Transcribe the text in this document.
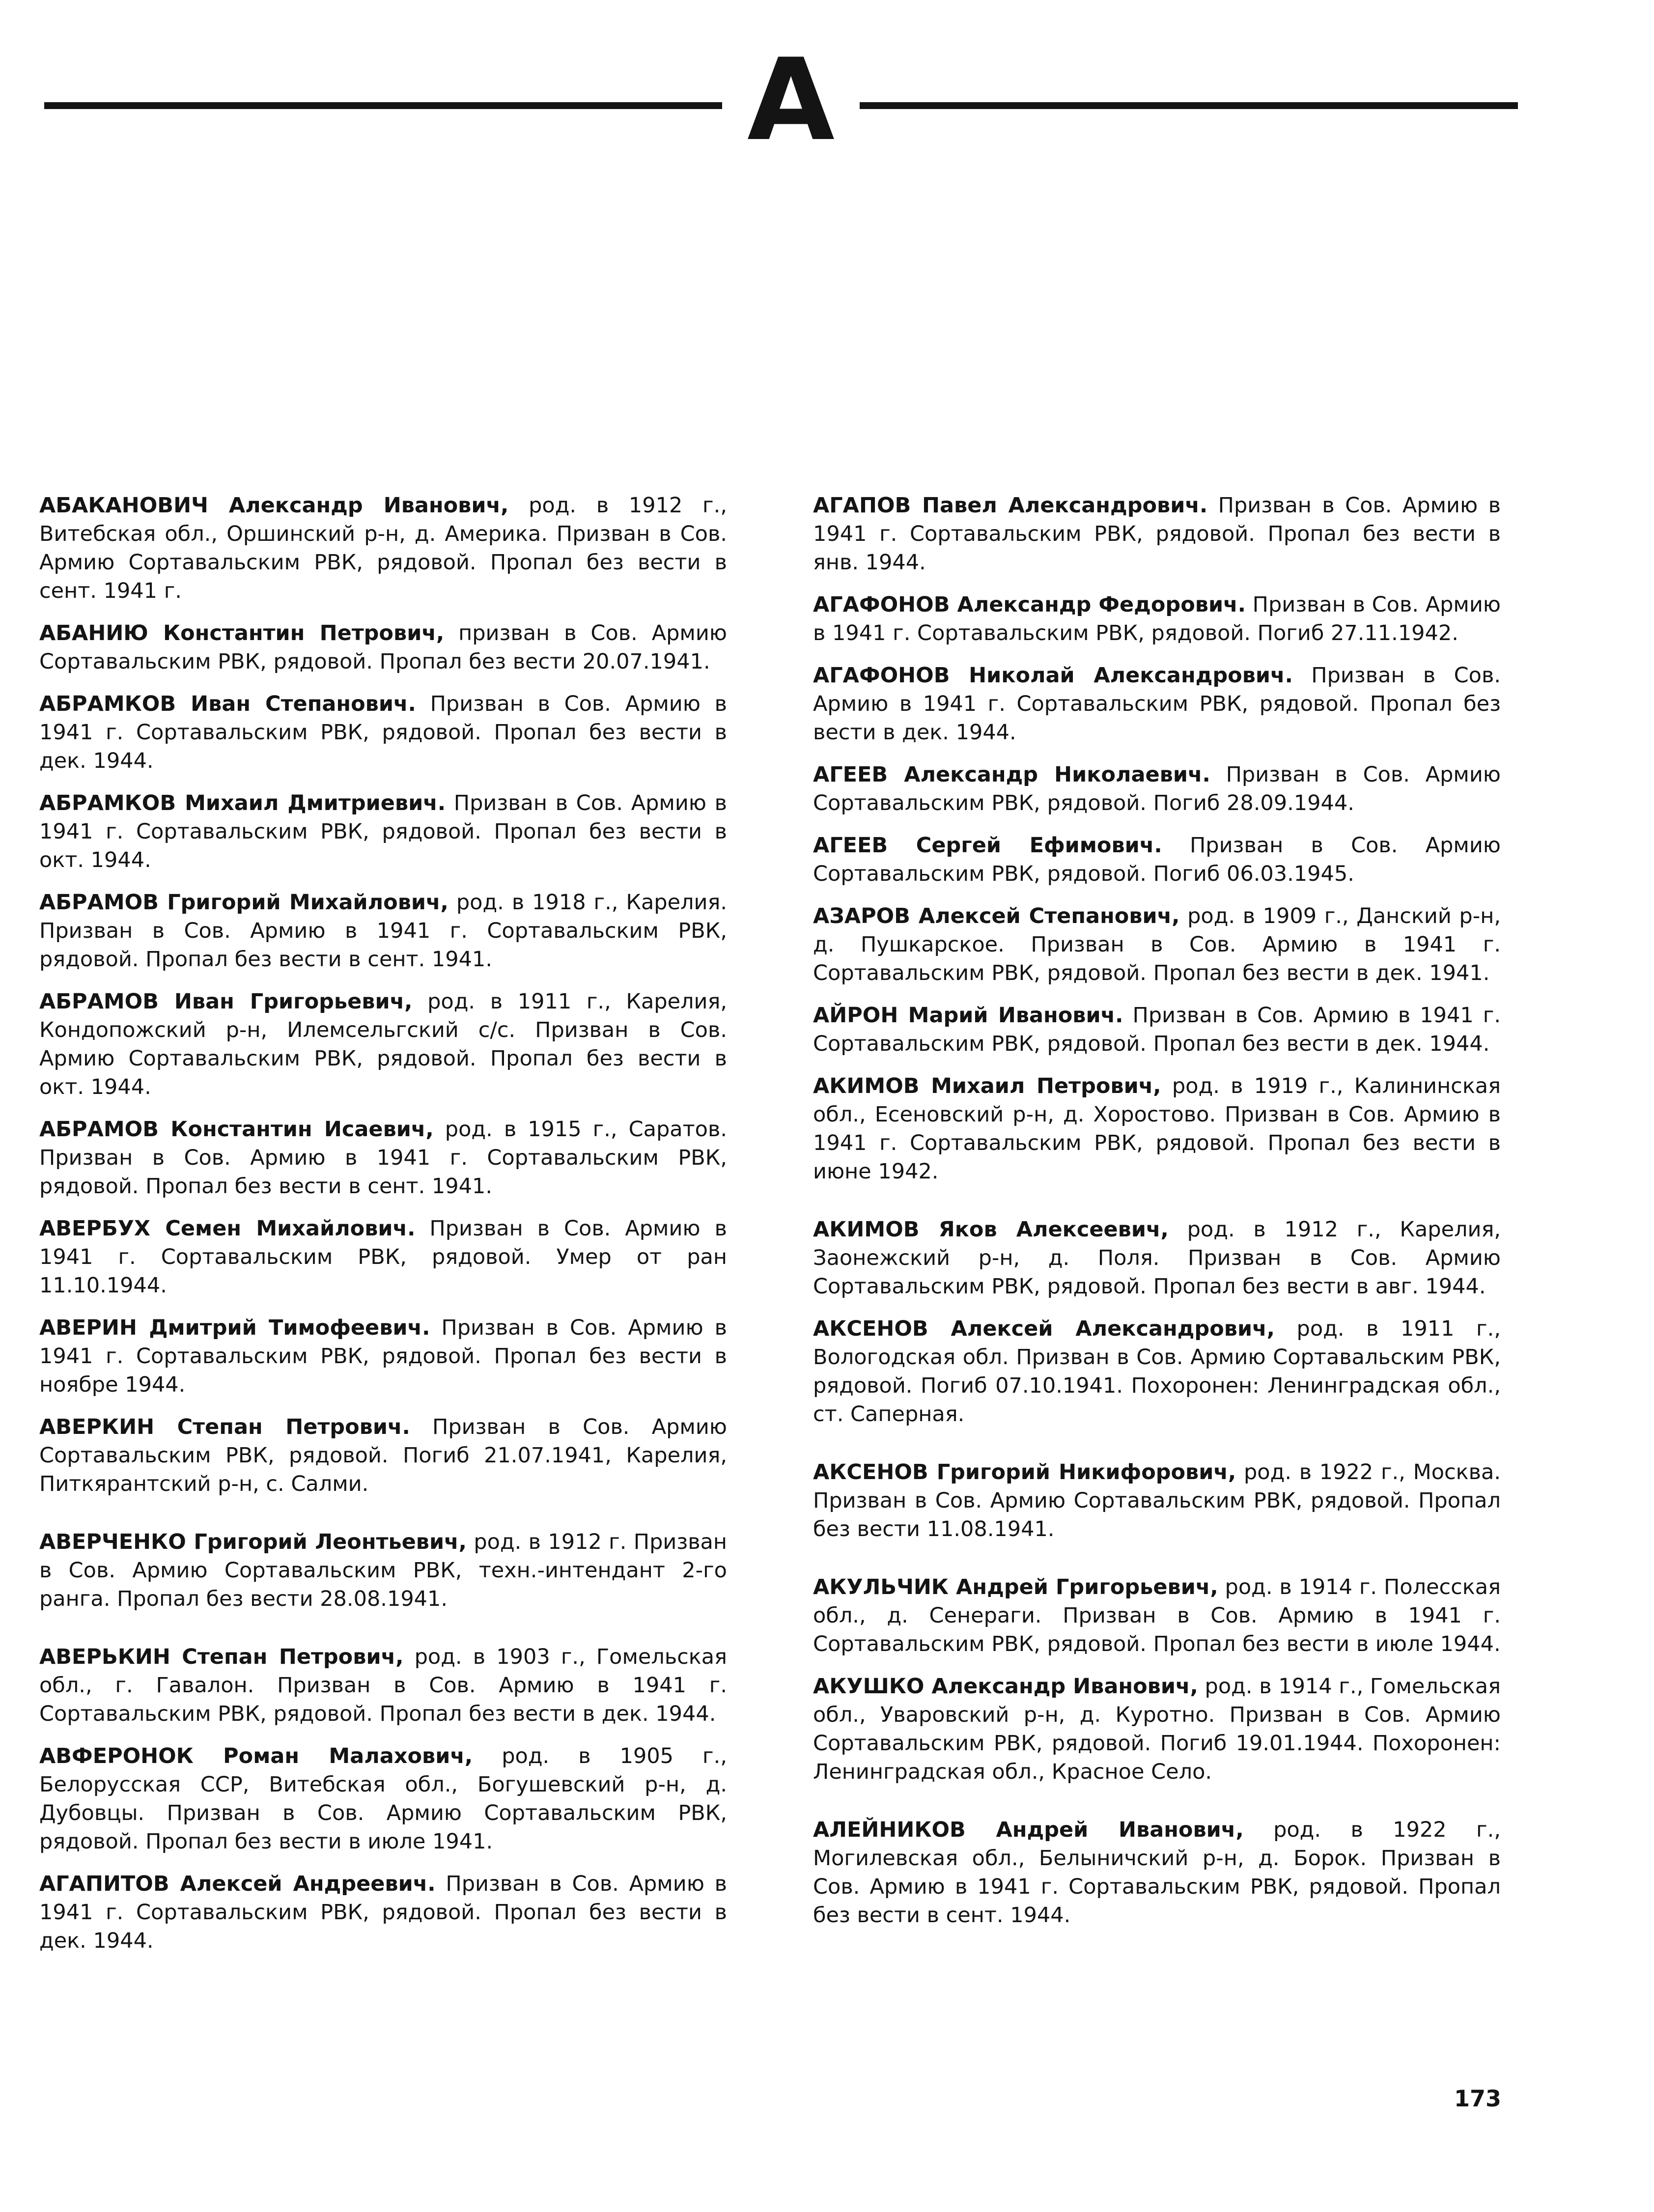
А

АБАКАНОВИЧ Александр Иванович, род. в 1912 г., Витебская обл., Оршинский р-н, д. Америка. Призван в Сов. Армию Сортавальским РВК, рядовой. Пропал без вести в сент. 1941 г.

АБАНИЮ Константин Петрович, призван в Сов. Армию Сортавальским РВК, рядовой. Пропал без вести 20.07.1941.

АБРАМКОВ Иван Степанович. Призван в Сов. Армию в 1941 г. Сортавальским РВК, рядовой. Пропал без вести в дек. 1944.

АБРАМКОВ Михаил Дмитриевич. Призван в Сов. Армию в 1941 г. Сортавальским РВК, рядовой. Пропал без вести в окт. 1944.

АБРАМОВ Григорий Михайлович, род. в 1918 г., Карелия. Призван в Сов. Армию в 1941 г. Сортавальским РВК, рядовой. Пропал без вести в сент. 1941.

АБРАМОВ Иван Григорьевич, род. в 1911 г., Карелия, Кондопожский р-н, Илемсельгский с/с. Призван в Сов. Армию Сортавальским РВК, рядовой. Пропал без вести в окт. 1944.

АБРАМОВ Константин Исаевич, род. в 1915 г., Саратов. Призван в Сов. Армию в 1941 г. Сортавальским РВК, рядовой. Пропал без вести в сент. 1941.

АВЕРБУХ Семен Михайлович. Призван в Сов. Армию в 1941 г. Сортавальским РВК, рядовой. Умер от ран 11.10.1944.

АВЕРИН Дмитрий Тимофеевич. Призван в Сов. Армию в 1941 г. Сортавальским РВК, рядовой. Пропал без вести в ноябре 1944.

АВЕРКИН Степан Петрович. Призван в Сов. Армию Сортавальским РВК, рядовой. Погиб 21.07.1941, Карелия, Питкярантский р-н, с. Салми.

АВЕРЧЕНКО Григорий Леонтьевич, род. в 1912 г. Призван в Сов. Армию Сортавальским РВК, техн.-интендант 2-го ранга. Пропал без вести 28.08.1941.

АВЕРЬКИН Степан Петрович, род. в 1903 г., Гомельская обл., г. Гавалон. Призван в Сов. Армию в 1941 г. Сортавальским РВК, рядовой. Пропал без вести в дек. 1944.

АВФЕРОНОК Роман Малахович, род. в 1905 г., Белорусская ССР, Витебская обл., Богушевский р-н, д. Дубовцы. Призван в Сов. Армию Сортавальским РВК, рядовой. Пропал без вести в июле 1941.

АГАПИТОВ Алексей Андреевич. Призван в Сов. Армию в 1941 г. Сортавальским РВК, рядовой. Пропал без вести в дек. 1944.

АГАПОВ Павел Александрович. Призван в Сов. Армию в 1941 г. Сортавальским РВК, рядовой. Пропал без вести в янв. 1944.

АГАФОНОВ Александр Федорович. Призван в Сов. Армию в 1941 г. Сортавальским РВК, рядовой. Погиб 27.11.1942.

АГАФОНОВ Николай Александрович. Призван в Сов. Армию в 1941 г. Сортавальским РВК, рядовой. Пропал без вести в дек. 1944.

АГЕЕВ Александр Николаевич. Призван в Сов. Армию Сортавальским РВК, рядовой. Погиб 28.09.1944.

АГЕЕВ Сергей Ефимович. Призван в Сов. Армию Сортавальским РВК, рядовой. Погиб 06.03.1945.

АЗАРОВ Алексей Степанович, род. в 1909 г., Данский р-н, д. Пушкарское. Призван в Сов. Армию в 1941 г. Сортавальским РВК, рядовой. Пропал без вести в дек. 1941.

АЙРОН Марий Иванович. Призван в Сов. Армию в 1941 г. Сортавальским РВК, рядовой. Пропал без вести в дек. 1944.

АКИМОВ Михаил Петрович, род. в 1919 г., Калининская обл., Есеновский р-н, д. Хоростово. Призван в Сов. Армию в 1941 г. Сортавальским РВК, рядовой. Пропал без вести в июне 1942.

АКИМОВ Яков Алексеевич, род. в 1912 г., Карелия, Заонежский р-н, д. Поля. Призван в Сов. Армию Сортавальским РВК, рядовой. Пропал без вести в авг. 1944.

АКСЕНОВ Алексей Александрович, род. в 1911 г., Вологодская обл. Призван в Сов. Армию Сортавальским РВК, рядовой. Погиб 07.10.1941. Похоронен: Ленинградская обл., ст. Саперная.

АКСЕНОВ Григорий Никифорович, род. в 1922 г., Москва. Призван в Сов. Армию Сортавальским РВК, рядовой. Пропал без вести 11.08.1941.

АКУЛЬЧИК Андрей Григорьевич, род. в 1914 г. Полесская обл., д. Сенераги. Призван в Сов. Армию в 1941 г. Сортавальским РВК, рядовой. Пропал без вести в июле 1944.

АКУШКО Александр Иванович, род. в 1914 г., Гомельская обл., Уваровский р-н, д. Куротно. Призван в Сов. Армию Сортавальским РВК, рядовой. Погиб 19.01.1944. Похоронен: Ленинградская обл., Красное Село.

АЛЕЙНИКОВ Андрей Иванович, род. в 1922 г., Могилевская обл., Белыничский р-н, д. Борок. Призван в Сов. Армию в 1941 г. Сортавальским РВК, рядовой. Пропал без вести в сент. 1944.

173
